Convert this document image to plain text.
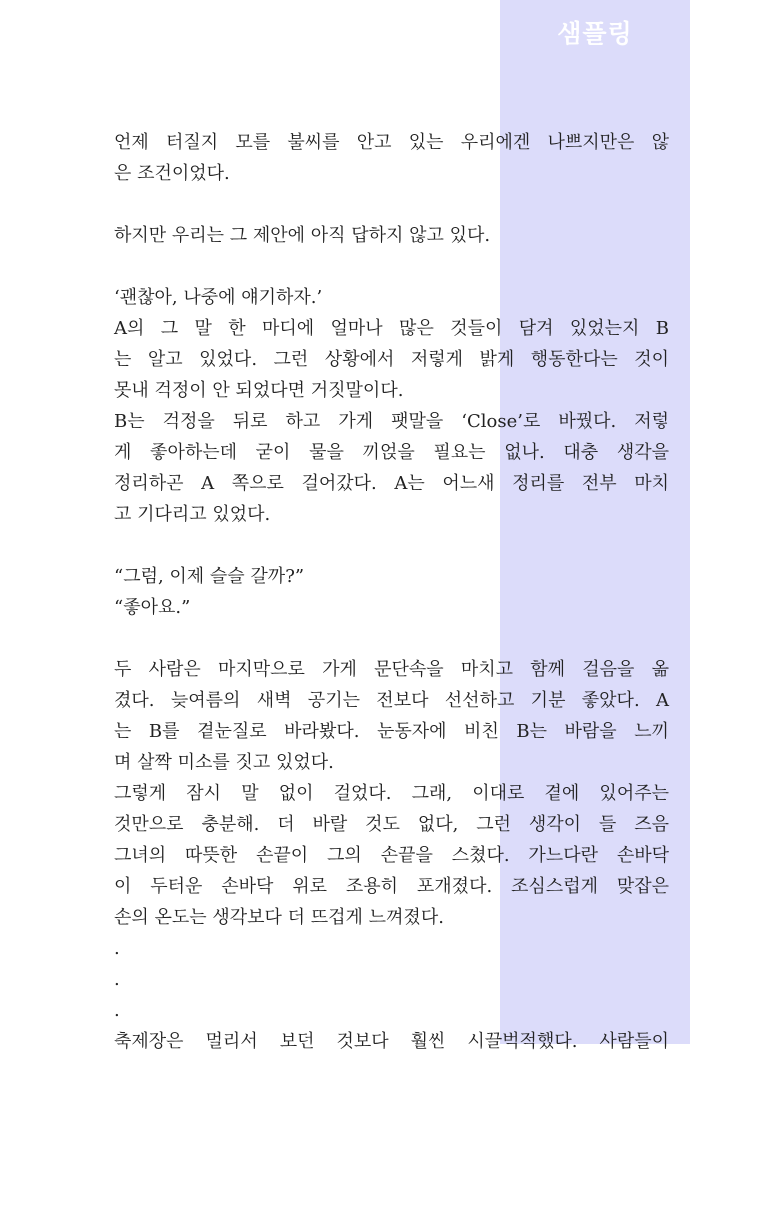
샘플링
언제 터질지 모를 불씨를 안고 있는 우리에겐 나쁘지만은 않
은 조건이었다.
하지만 우리는 그 제안에 아직 답하지 않고 있다.
‘괜찮아, 나중에 얘기하자.’
A의 그 말 한 마디에 얼마나 많은 것들이 담겨 있었는지 B
는 알고 있었다. 그런 상황에서 저렇게 밝게 행동한다는 것이
못내 걱정이 안 되었다면 거짓말이다.
B는 걱정을 뒤로 하고 가게 팻말을 ‘Close’로 바꿨다. 저렇
게 좋아하는데 굳이 물을 끼얹을 필요는 없나. 대충 생각을
정리하곤 A 쪽으로 걸어갔다. A는 어느새 정리를 전부 마치
고 기다리고 있었다.
“그럼, 이제 슬슬 갈까?”
“좋아요.”
두 사람은 마지막으로 가게 문단속을 마치고 함께 걸음을 옮
겼다. 늦여름의 새벽 공기는 전보다 선선하고 기분 좋았다. A
는 B를 곁눈질로 바라봤다. 눈동자에 비친 B는 바람을 느끼
며 살짝 미소를 짓고 있었다.
그렇게 잠시 말 없이 걸었다. 그래, 이대로 곁에 있어주는
것만으로 충분해. 더 바랄 것도 없다, 그런 생각이 들 즈음
그녀의 따뜻한 손끝이 그의 손끝을 스쳤다. 가느다란 손바닥
이 두터운 손바닥 위로 조용히 포개졌다. 조심스럽게 맞잡은
손의 온도는 생각보다 더 뜨겁게 느껴졌다.
.
.
.
축제장은 멀리서 보던 것보다 훨씬 시끌벅적했다. 사람들이
